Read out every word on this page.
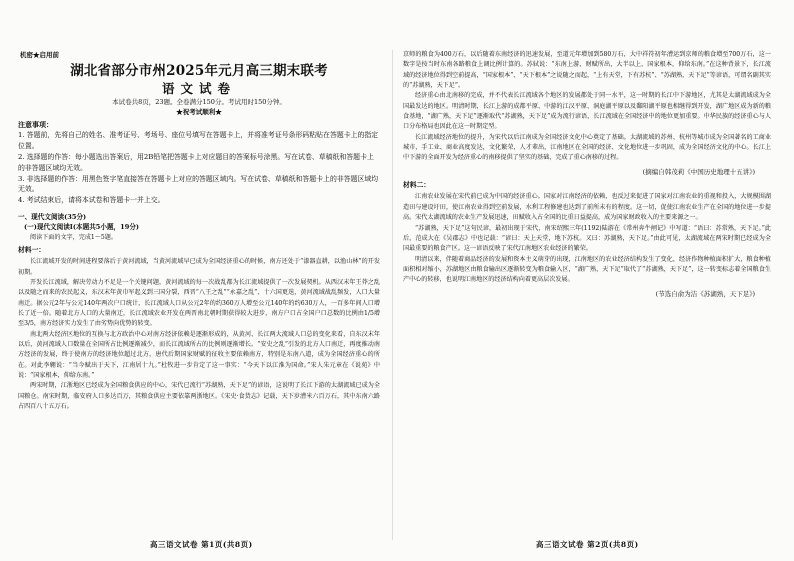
机密★启用前
湖北省部分市州2025年元月高三期末联考
语文试卷
本试卷共8页，23题。全卷满分150分。考试用时150分钟。
★祝考试顺利★
注意事项：
1. 答题前，先将自己的姓名、准考证号、考场号、座位号填写在答题卡上，并将准考证号条形码粘贴在答题卡上的指定位置。
2. 选择题的作答：每小题选出答案后，用2B铅笔把答题卡上对应题目的答案标号涂黑。写在试卷、草稿纸和答题卡上的非答题区域均无效。
3. 非选择题的作答：用黑色签字笔直接答在答题卡上对应的答题区域内。写在试卷、草稿纸和答题卡上的非答题区域均无效。
4. 考试结束后，请将本试卷和答题卡一并上交。
一、现代文阅读(35分)
(一)现代文阅读Ⅰ(本题共5小题，19分)
阅读下面的文字，完成1～5题。
材料一：

长江流域开发的时间进程要落后于黄河流域，当黄河流域早已成为全国经济重心的时候，南方还处于“漆器直耕，以渔山林”的开发初期。

开发长江流域，解决劳动力不足是一个关键问题，黄河流域的每一次战乱都为长江流域提供了一次发展契机。从西汉末年王莽之乱以及随之而来的农民起义，东汉末年黄巾军起义到三国分裂，西晋“八王之乱”“永嘉之乱”、十六国更迭，黄河流域战乱频发，人口大量南迁。据公元2年与公元140年两次户口统计，长江流域人口从公元2年的约360万人增至公元140年的约630万人，一百多年间人口增长了近一倍。随着北方人口的大量南迁，长江流域农业开发在两晋南北朝时期获得较大进步，南方户口占全国户口总数的比例由1/5增至3/5，南方经济实力发生了由劣势向优势的转变。

南北两大经济区地位的互换与北方政治中心对南方经济依赖是逐渐形成的，从黄河、长江两大流域人口总的变化来看，自东汉末年以后，黄河流域人口数量在全国所占比例逐渐减少，而长江流域所占的比例则逐渐增长。“安史之乱”引发的北方人口南迁，再度推动南方经济的发展，终于使南方的经济地位超过北方，唐代后期国家财赋的征收主要依赖南方，特别是东南八道，成为全国经济重心的所在。对此李翱说：“当今赋出于天下，江南居十九。”杜牧进一步肯定了这一事实：“今天下以江淮为国命。”宋人朱元章在《说苑》中说：“国家根本，仰给东南。”

两宋时期，江浙地区已经成为全国粮食供应的中心，宋代已流行“苏湖熟，天下足”的谚语，这说明了长江下游的太湖流域已成为全国粮仓。南宋时期，临安府人口多达百万，其粮食供应主要依靠两浙地区。《宋史·食货志》记载，天下岁漕米六百万石，其中东南六路占四百八十五万石。

京师的粮食为400万石，以后随着东南经济的迅速发展，至道元年增加到580万石，大中祥符初年漕运到京师的粮食增至700万石，这一数字是按当时东南各路粮食上调比例计算的。苏轼说：“东南上游，财赋所出，大半以上，国家根本，仰给东南。”在这种背景下，长江流域的经济地位得到空前提高，“国家根本”、“天下根本”之说随之而起，“上有天堂，下有苏杭”、“苏湖熟，天下足”等谚语，可谓名副其实的“苏湖熟，天下足”。

经济重心由北南移的完成，并不代表长江流域各个地区的发展都处于同一水平，这一时期的长江中下游地区，尤其是太湖流域成为全国最发达的地区。明清时期，长江上游的成都平原、中游的江汉平原、洞庭湖平原以及鄱阳湖平原也相继得到开发，湖广地区成为新的粮食基地，“湖广熟，天下足”逐渐取代“苏湖熟，天下足”成为流行谚语，长江流域在全国经济中的地位更加重要。中华民族的经济重心与人口分布格局也因此在这一时期定型。

长江流域经济地位的提升，为宋代以后江南成为全国经济文化中心奠定了基础。太湖流域的苏州、杭州等城市成为全国著名的工商业城市，手工业、商业高度发达，文化繁荣，人才辈出，江南地区在全国的经济、文化地位进一步巩固，成为全国经济文化的中心。长江上中下游的全面开发为经济重心的南移提供了坚实的基础，完成了重心南移的过程。

(摘编自韩茂莉《中国历史地理十五讲》)
材料二：

江南农业发展在宋代前已成为中国的经济重心。国家对江南经济的依赖，也反过来促进了国家对江南农业的重视和投入，大规模围湖造田与建设圩田，使江南农业得到空前发展，水利工程修建也达到了前所未有的程度。这一切，促使江南农业生产在全国的地位进一步提高。宋代太湖流域的农业生产发展迅速，田赋收入占全国的比重日益提高，成为国家财政收入的主要来源之一。

“苏湖熟，天下足”这句民谚，最初出现于宋代，南宋绍熙三年(1192)陆游在《常州奔牛闸记》中写道：“语曰：苏常熟，天下足。”此后，范成大在《吴郡志》中也记载：“谚曰：天上天堂，地下苏杭。又曰：苏湖熟，天下足。”由此可见，太湖流域在两宋时期已经成为全国最重要的粮食产区。这一谚语反映了宋代江南地区农业经济的繁荣。

明清以来，伴随着商品经济的发展和资本主义萌芽的出现，江南地区的农业经济结构发生了变化，经济作物种植面积扩大，粮食种植面积相对缩小，苏湖地区由粮食输出区逐渐转变为粮食输入区，“湖广熟，天下足”取代了“苏湖熟，天下足”，这一转变标志着全国粮食生产中心的转移，也说明江南地区的经济结构向着更高层次发展。

(节选自俞为洁《苏湖熟，天下足》)
高三语文试卷 第1页(共8页)	高三语文试卷 第2页(共8页)
